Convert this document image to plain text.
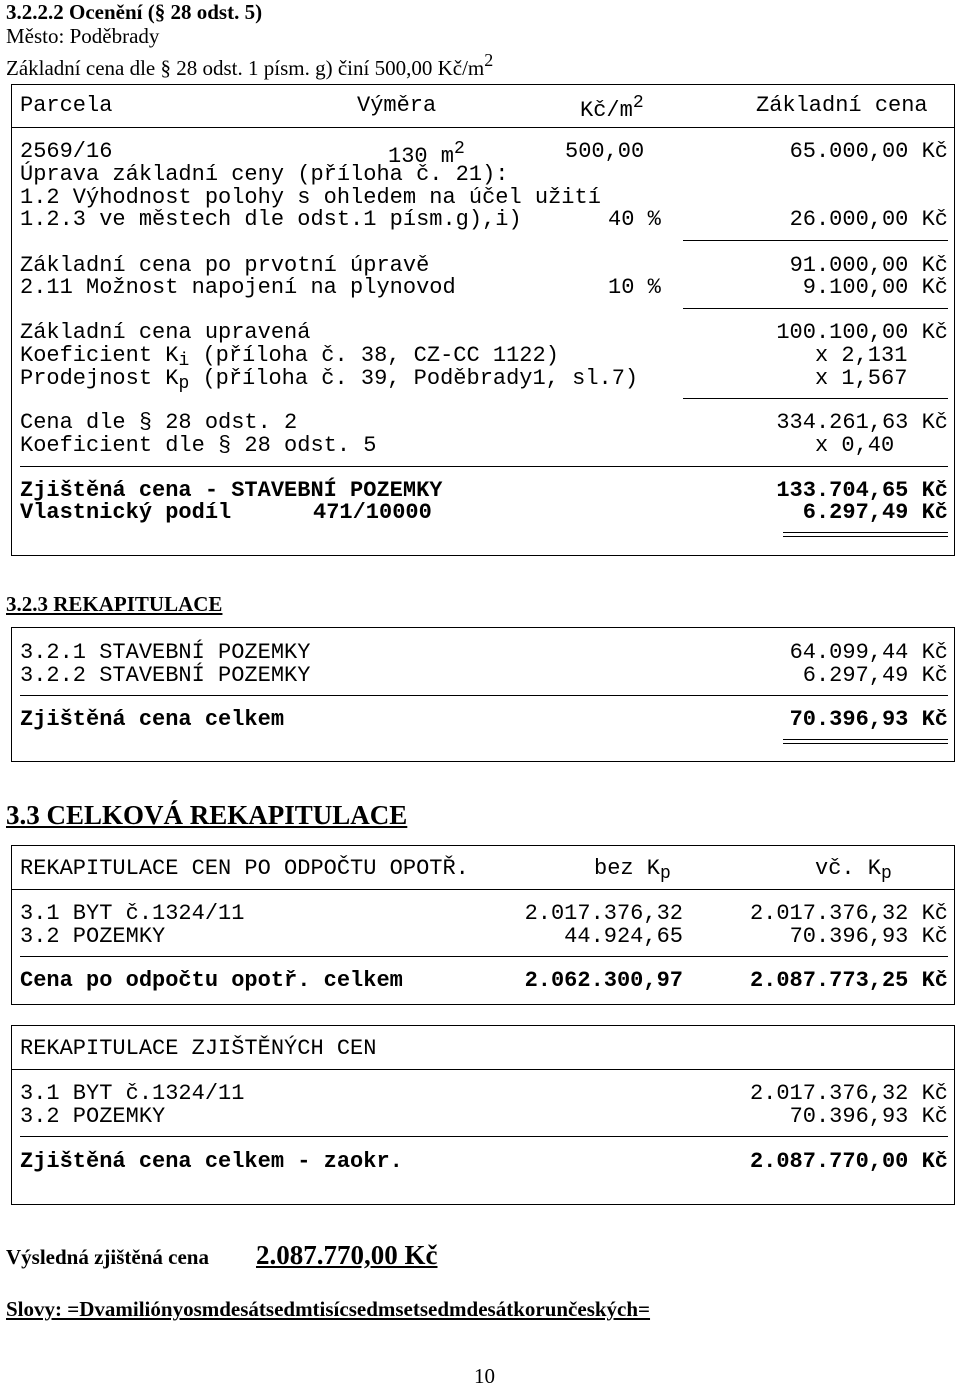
3.2.2.2 Ocenění (§ 28 odst. 5)
Město: Poděbrady
Základní cena dle § 28 odst. 1 písm. g) činí 500,00 $Kč/m^2$
Parcela	Výměra	$Kč/m^2$	Základní cena
2569/16	130 $m^2$	500,00	65.000,00 Kč
Úprava základní ceny (příloha č. 21):
1.2 Výhodnost polohy s ohledem na účel užití
1.2.3 ve městech dle odst.1 písm.g),i)	40 %	26.000,00 Kč
Základní cena po prvotní úpravě	91.000,00 Kč
2.11 Možnost napojení na plynovod	10 %	9.100,00 Kč
Základní cena upravená	100.100,00 Kč
Koeficient $K_i$ (příloha č. 38, CZ-CC 1122)	x 2,131
Prodejnost $K_p$ (příloha č. 39, Poděbrady1, sl.7)	x 1,567
Cena dle § 28 odst. 2	334.261,63 Kč
Koeficient dle § 28 odst. 5	x 0,40
Zjištěná cena - STAVEBNÍ POZEMKY	133.704,65 Kč
Vlastnický podíl	471/10000	6.297,49 Kč
3.2.3 REKAPITULACE
3.2.1 STAVEBNÍ POZEMKY	64.099,44 Kč
3.2.2 STAVEBNÍ POZEMKY	6.297,49 Kč
Zjištěná cena celkem	70.396,93 Kč
3.3 CELKOVÁ REKAPITULACE
REKAPITULACE CEN PO ODPOČTU OPOTŘ.	bez $K_p$	vč. $K_p$
3.1 BYT č.1324/11	2.017.376,32	2.017.376,32 Kč
3.2 POZEMKY	44.924,65	70.396,93 Kč
Cena po odpočtu opotř. celkem	2.062.300,97	2.087.773,25 Kč
REKAPITULACE ZJIŠTĚNÝCH CEN
3.1 BYT č.1324/11	2.017.376,32 Kč
3.2 POZEMKY	70.396,93 Kč
Zjištěná cena celkem - zaokr.	2.087.770,00 Kč
Výsledná zjištěná cena 2.087.770,00 Kč
Slovy: =Dvamiliónyosmdesátsedmtisícsedmsetsedmdesátkorunčeských=
10
